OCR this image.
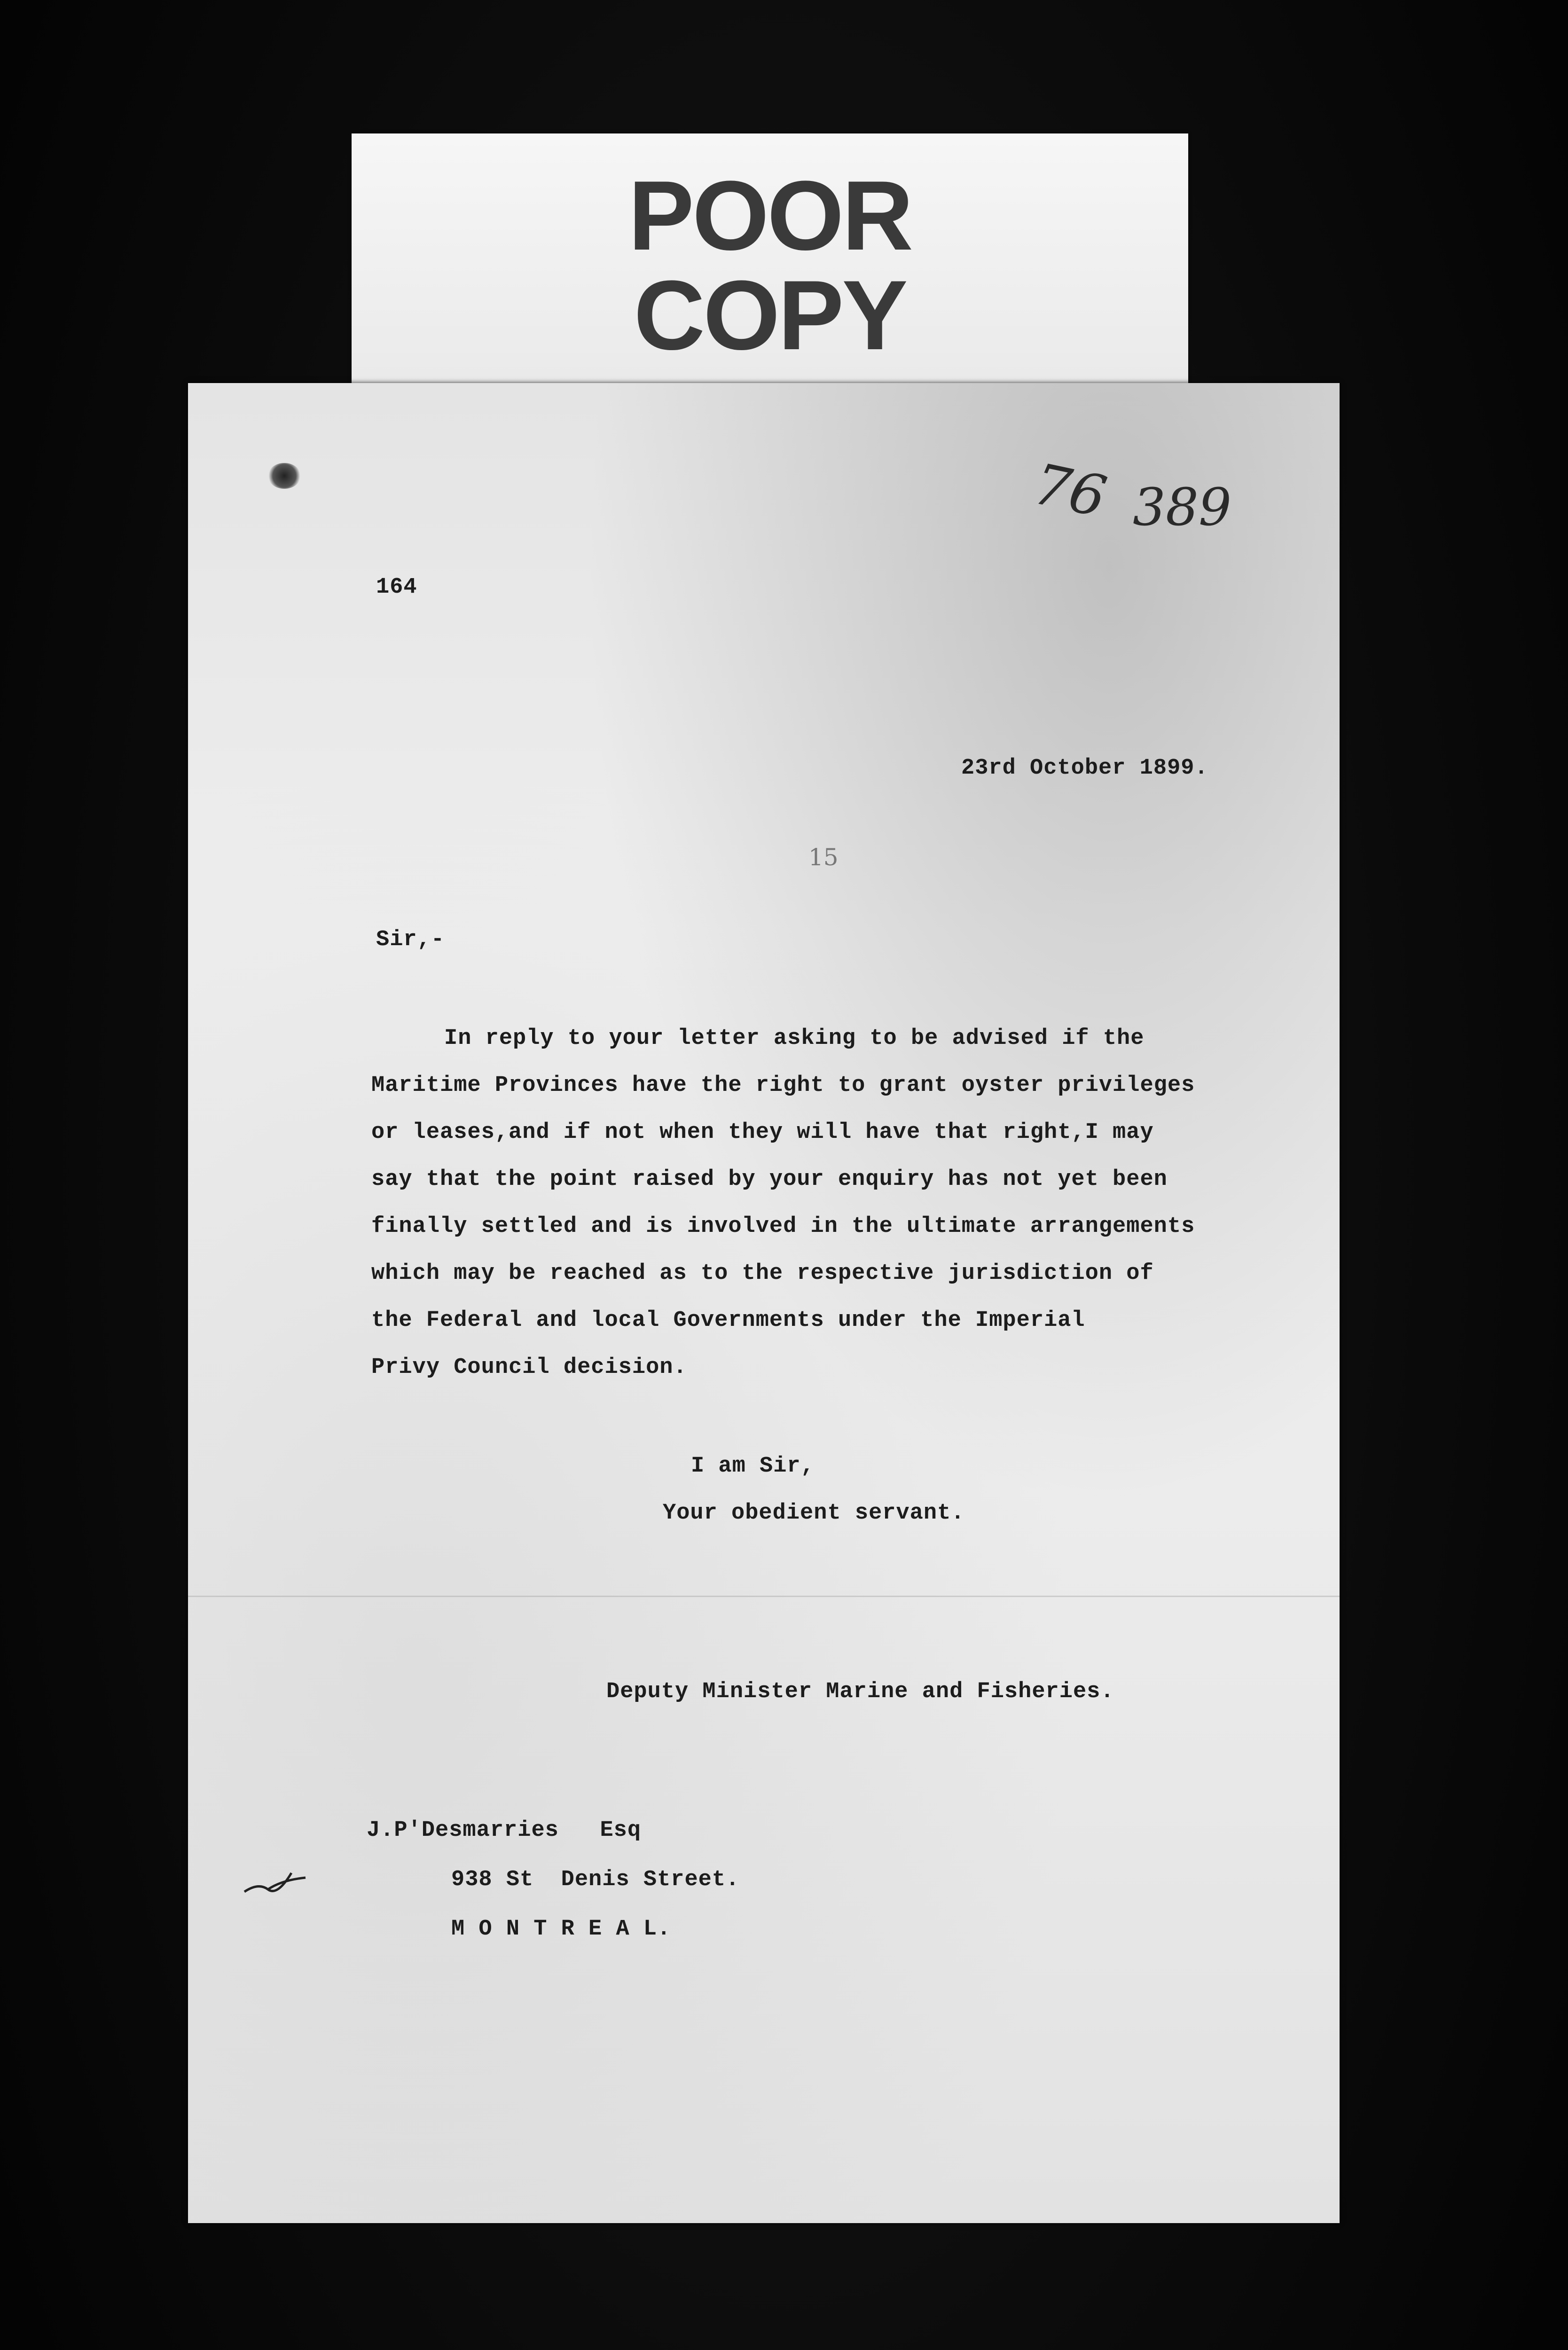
POOR
COPY
76 389
164
23rd October 1899.
15
Sir,-
In reply to your letter asking to be advised if the
Maritime Provinces have the right to grant oyster privileges
or leases,and if not when they will have that right,I may
say that the point raised by your enquiry has not yet been
finally settled and is involved in the ultimate arrangements
which may be reached as to the respective jurisdiction of
the Federal and local Governments under the Imperial
Privy Council decision.
I am Sir,
Your obedient servant.
Deputy Minister Marine and Fisheries.
J.P'Desmarries   Esq
938 St  Denis Street.
M O N T R E A L.
